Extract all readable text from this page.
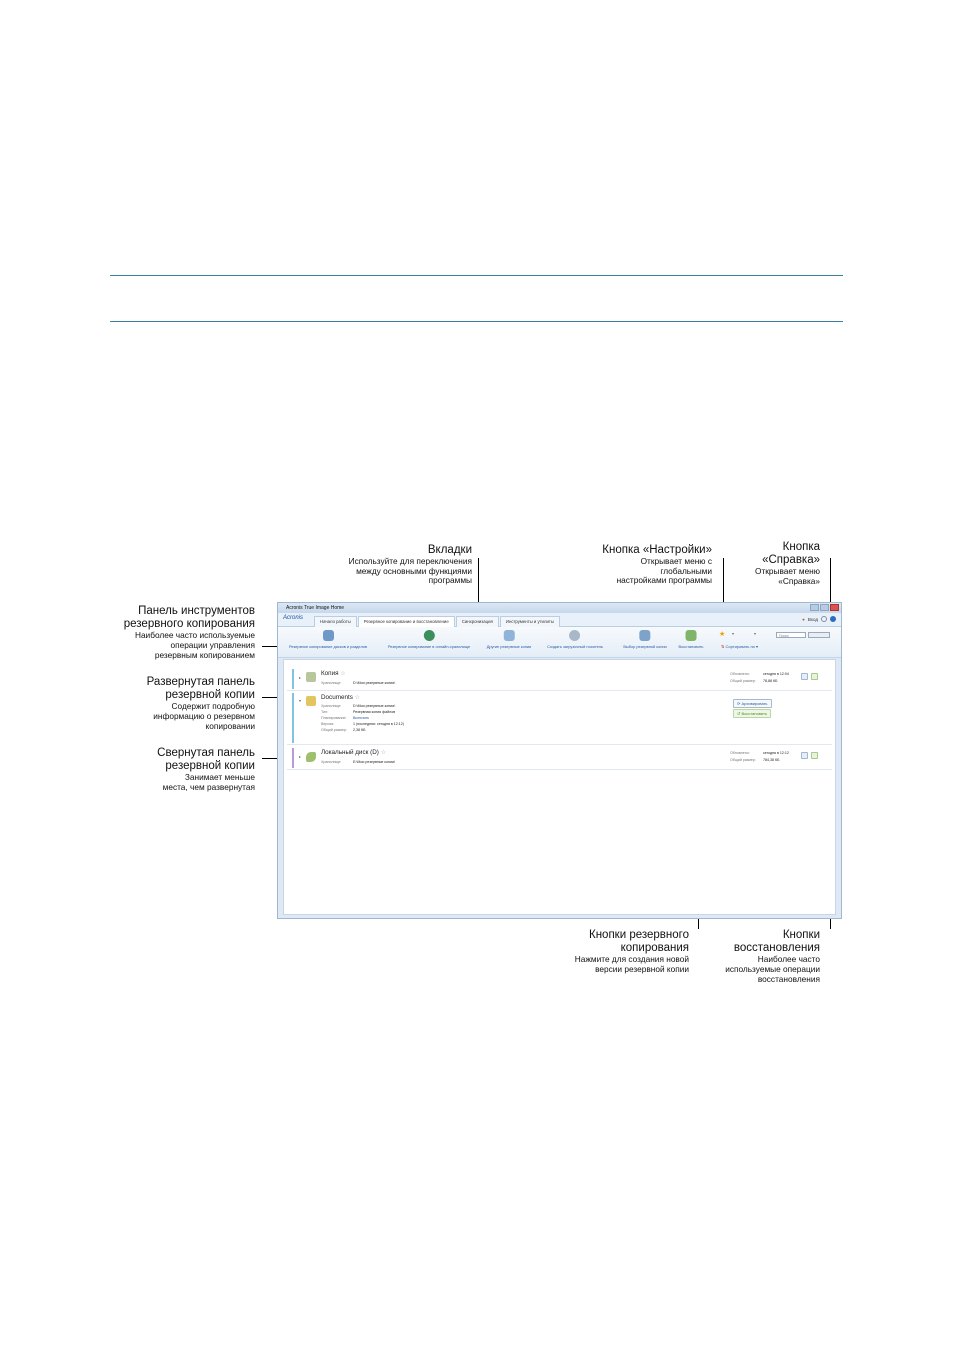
Вкладки
Используйте для переключения
между основными функциями
программы
Кнопка «Настройки»
Открывает меню с
глобальными
настройками программы
Кнопка
«Справка»
Открывает меню
«Справка»
Панель инструментов
резервного копирования
Наиболее часто используемые
операции управления
резервным копированием
Развернутая панель
резервной копии
Содержит подробную
информацию о резервном
копировании
Свернутая панель
резервной копии
Занимает меньше
места, чем развернутая
Кнопки резервного
копирования
Нажмите для создания новой
версии резервной копии
Кнопки
восстановления
Наиболее часто
используемые операции
восстановления
Acronis True Image Home
Acronis
Начало работы	Резервное копирование и восстановление	Синхронизация	Инструменты и утилиты	● Вход
Резервное копирование дисков и разделов	Резервное копирование в онлайн-хранилище	Другие резервные копии	Создать загрузочный носитель	Выбор резервной копии	Восстановить
★ ▾	▾
⇅ Сортировать по ▾
Поиск
▸
Копия ☆
Хранилище:	D:\Мои резервные копии\
Обновлено:	сегодня в 12:04
Общий размер: 78,88 КБ
▾	Documents ☆
Хранилище:	D:\Мои резервные копии\
Тип:	Резервная копия файлов
Планирование: Включить
Версии:	1 (последняя: сегодня в 12:12)
Общий размер: 2,38 КБ
⟳ Архивировать
↺ Восстановить
▸
Локальный диск (D) ☆
Хранилище:	E:\Мои резервные копии\
Обновлено:	сегодня в 12:12
Общий размер: 784,38 КБ
